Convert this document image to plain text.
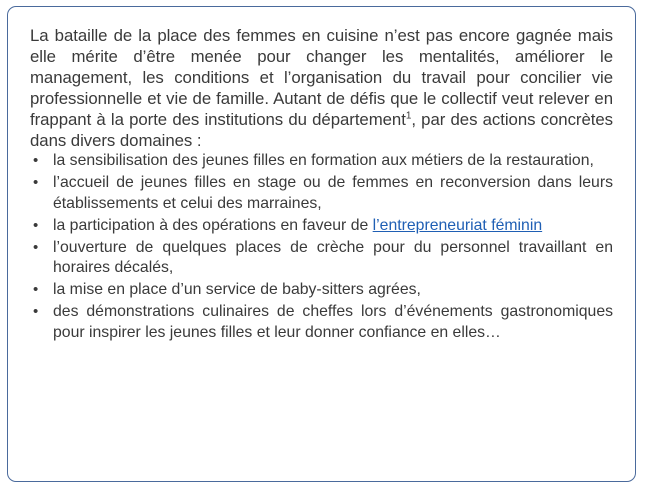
La bataille de la place des femmes en cuisine n’est pas encore gagnée mais elle mérite d’être menée pour changer les mentalités, améliorer le management, les conditions et l’organisation du travail pour concilier vie professionnelle et vie de famille. Autant de défis que le collectif veut relever en frappant à la porte des institutions du département$^1$, par des actions concrètes dans divers domaines :

• la sensibilisation des jeunes filles en formation aux métiers de la restauration,
• l’accueil de jeunes filles en stage ou de femmes en reconversion dans leurs établissements et celui des marraines,
• la participation à des opérations en faveur de l’entrepreneuriat féminin
• l’ouverture de quelques places de crèche pour du personnel travaillant en horaires décalés,
• la mise en place d’un service de baby-sitters agrées,
• des démonstrations culinaires de cheffes lors d’événements gastronomiques pour inspirer les jeunes filles et leur donner confiance en elles…
